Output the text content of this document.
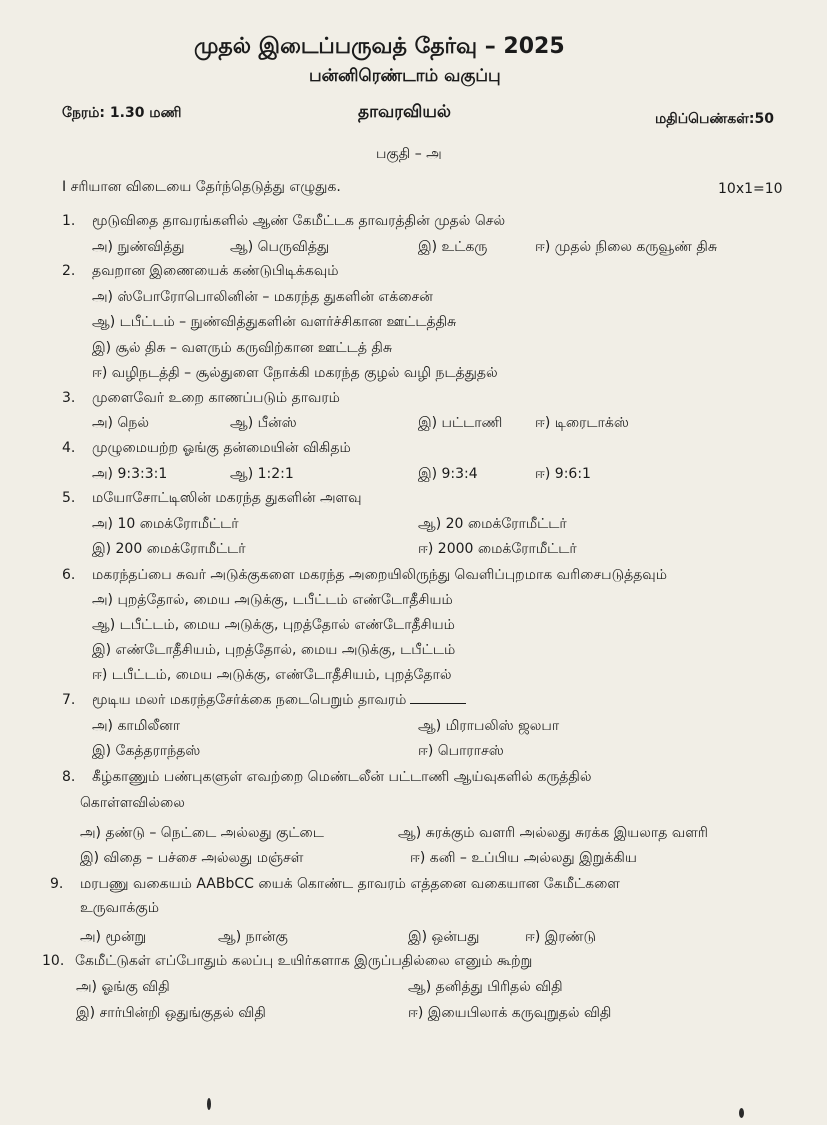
முதல் இடைப்பருவத் தேர்வு – 2025
பன்னிரெண்டாம் வகுப்பு
நேரம்: 1.30 மணி	தாவரவியல்	மதிப்பெண்கள்:50
பகுதி – அ
I சரியான விடையை தேர்ந்தெடுத்து எழுதுக.	10x1=10
1. மூடுவிதை தாவரங்களில் ஆண் கேமீட்டக தாவரத்தின் முதல் செல்
அ) நுண்வித்து	ஆ) பெருவித்து	இ) உட்கரு	ஈ) முதல் நிலை கருவூண் திசு
2. தவறான இணையைக் கண்டுபிடிக்கவும்
அ) ஸ்போரோபொலினின் – மகரந்த துகளின் எக்சைன்
ஆ) டபீட்டம் – நுண்வித்துகளின் வளர்ச்சிகான ஊட்டத்திசு
இ) சூல் திசு – வளரும் கருவிற்கான ஊட்டத் திசு
ஈ) வழிநடத்தி – சூல்துளை நோக்கி மகரந்த குழல் வழி நடத்துதல்
3. முளைவேர் உறை காணப்படும் தாவரம்
அ) நெல்	ஆ) பீன்ஸ்	இ) பட்டாணி ஈ) டிரைடாக்ஸ்
4. முழுமையற்ற ஓங்கு தன்மையின் விகிதம்
அ) 9:3:3:1	ஆ) 1:2:1	இ) 9:3:4	ஈ) 9:6:1
5. மயோசோட்டிஸின் மகரந்த துகளின் அளவு
அ) 10 மைக்ரோமீட்டர்	ஆ) 20 மைக்ரோமீட்டர்
இ) 200 மைக்ரோமீட்டர்	ஈ) 2000 மைக்ரோமீட்டர்
6. மகரந்தப்பை சுவர் அடுக்குகளை மகரந்த அறையிலிருந்து வெளிப்புறமாக வரிசைபடுத்தவும்
அ) புறத்தோல், மைய அடுக்கு, டபீட்டம் எண்டோதீசியம்
ஆ) டபீட்டம், மைய அடுக்கு, புறத்தோல் எண்டோதீசியம்
இ) எண்டோதீசியம், புறத்தோல், மைய அடுக்கு, டபீட்டம்
ஈ) டபீட்டம், மைய அடுக்கு, எண்டோதீசியம், புறத்தோல்
7. மூடிய மலர் மகரந்தசேர்க்கை நடைபெறும் தாவரம்
அ) காமிலீனா	ஆ) மிராபலிஸ் ஜலபா
இ) கேத்தராந்தஸ்	ஈ) பொராசஸ்
8. கீழ்காணும் பண்புகளுள் எவற்றை மெண்டலீன் பட்டாணி ஆய்வுகளில் கருத்தில்
கொள்ளவில்லை
அ) தண்டு – நெட்டை அல்லது குட்டை	ஆ) சுரக்கும் வளரி அல்லது சுரக்க இயலாத வளரி
இ) விதை – பச்சை அல்லது மஞ்சள்	ஈ) கனி – உப்பிய அல்லது இறுக்கிய
9. மரபணு வகையம் AABbCC யைக் கொண்ட தாவரம் எத்தனை வகையான கேமீட்களை
உருவாக்கும்
அ) மூன்று	ஆ) நான்கு	இ) ஒன்பது	ஈ) இரண்டு
10. கேமீட்டுகள் எப்போதும் கலப்பு உயிர்களாக இருப்பதில்லை எனும் கூற்று
அ) ஓங்கு விதி	ஆ) தனித்து பிரிதல் விதி
இ) சார்பின்றி ஒதுங்குதல் விதி	ஈ) இயைபிலாக் கருவுறுதல் விதி
